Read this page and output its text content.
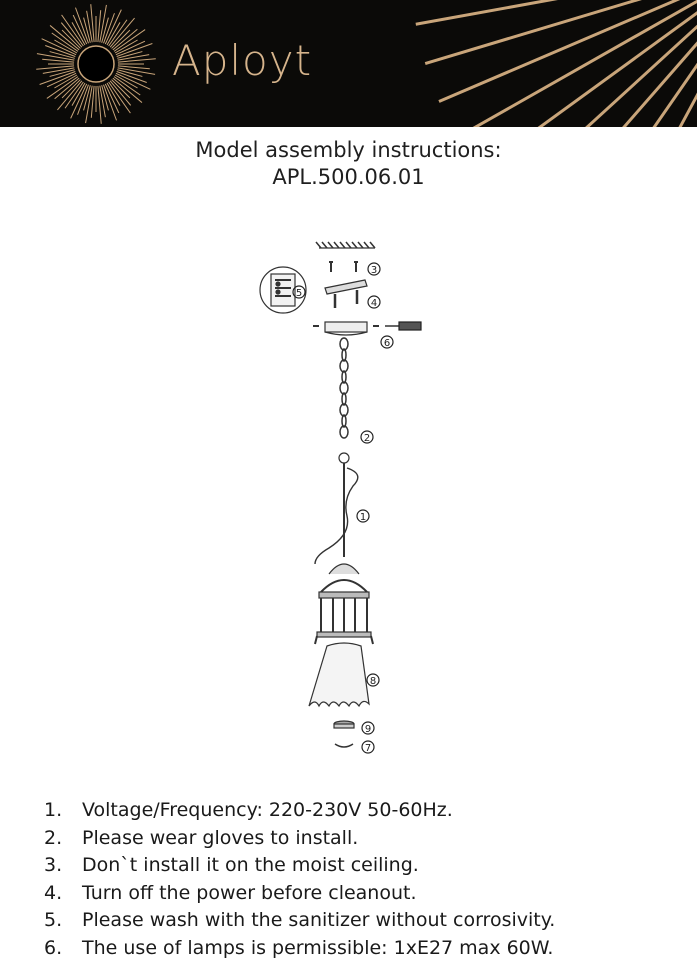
Aployt
Model assembly instructions:
APL.500.06.01
3
4
5
6
2
1
8
9
7
1. Voltage/Frequency: 220-230V 50-60Hz.
2. Please wear gloves to install.
3. Don`t install it on the moist ceiling.
4. Turn off the power before cleanout.
5. Please wash with the sanitizer without corrosivity.
6. The use of lamps is permissible: 1xE27 max 60W.
